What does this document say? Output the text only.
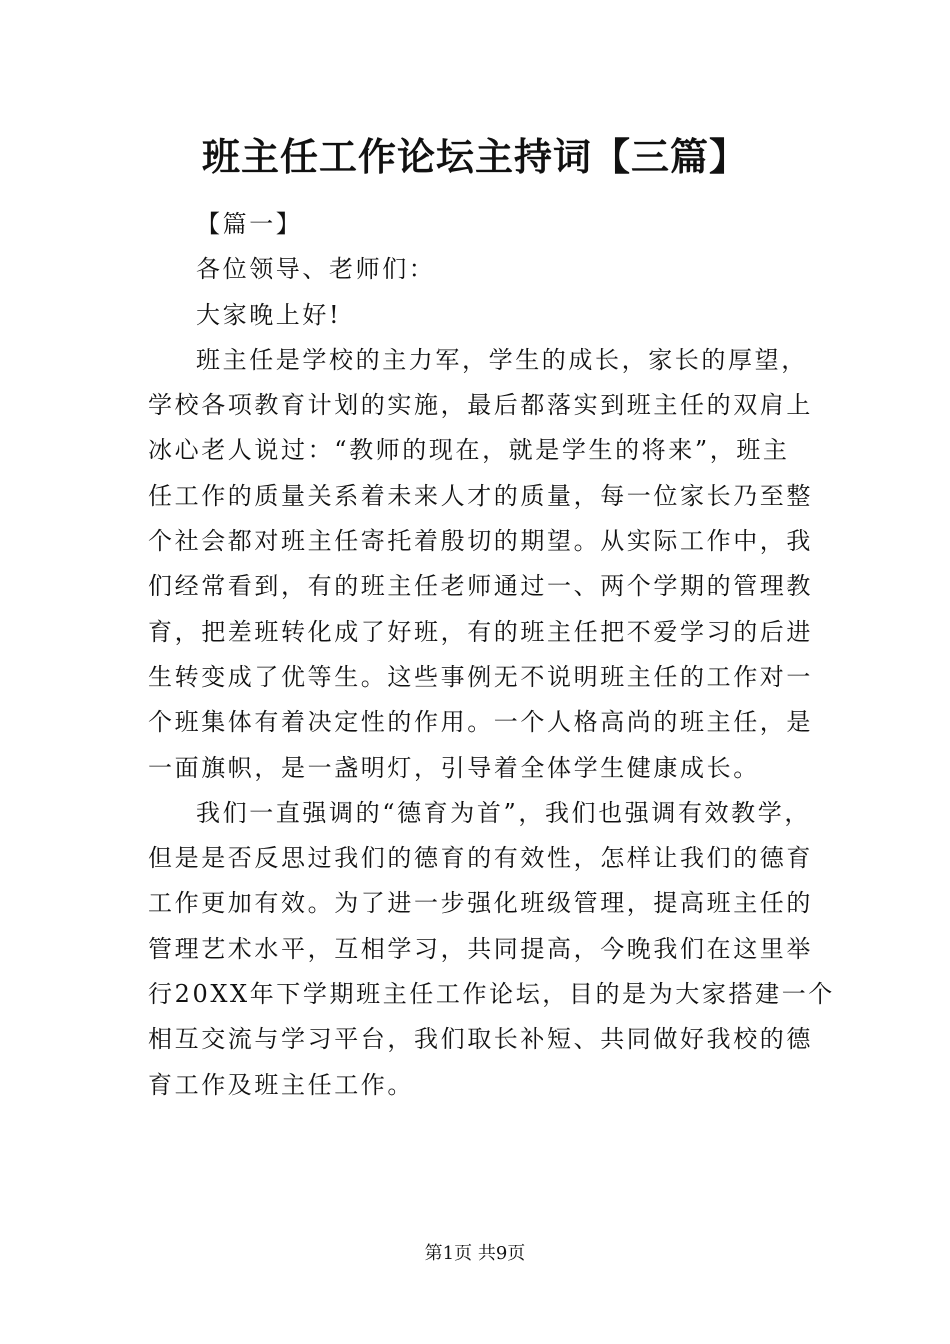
班主任工作论坛主持词【三篇】
【篇一】
各位领导、老师们：
大家晚上好!
班主任是学校的主力军，学生的成长，家长的厚望，
学校各项教育计划的实施，最后都落实到班主任的双肩上
冰心老人说过：“教师的现在，就是学生的将来”，班主
任工作的质量关系着未来人才的质量，每一位家长乃至整
个社会都对班主任寄托着殷切的期望。从实际工作中，我
们经常看到，有的班主任老师通过一、两个学期的管理教
育，把差班转化成了好班，有的班主任把不爱学习的后进
生转变成了优等生。这些事例无不说明班主任的工作对一
个班集体有着决定性的作用。一个人格高尚的班主任，是
一面旗帜，是一盏明灯，引导着全体学生健康成长。
我们一直强调的“德育为首”，我们也强调有效教学，
但是是否反思过我们的德育的有效性，怎样让我们的德育
工作更加有效。为了进一步强化班级管理，提高班主任的
管理艺术水平，互相学习，共同提高，今晚我们在这里举
行20XX年下学期班主任工作论坛，目的是为大家搭建一个
相互交流与学习平台，我们取长补短、共同做好我校的德
育工作及班主任工作。
第1页 共9页
